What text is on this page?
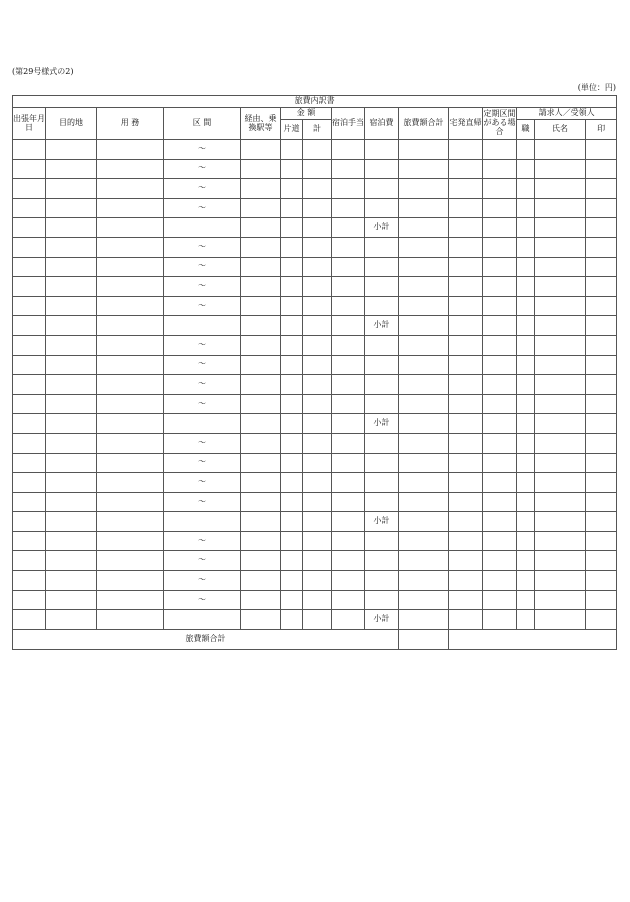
(第29号様式の2)
(単位：円)
旅費内訳書														
出張年月日	目的地	用 務	区 間	経由、乗換駅等	金 額		宿泊手当	宿泊費	旅費額合計	宅発直帰	定期区間がある場合	請求人／受領人		
					片道	計						職	氏名	印
			～											
			～											
			～											
			～											
								小計						
			～											
			～											
			～											
			～											
								小計						
			～											
			～											
			～											
			～											
								小計						
			～											
			～											
			～											
			～											
								小計						
			～											
			～											
			～											
			～											
								小計						
旅費額合計														
